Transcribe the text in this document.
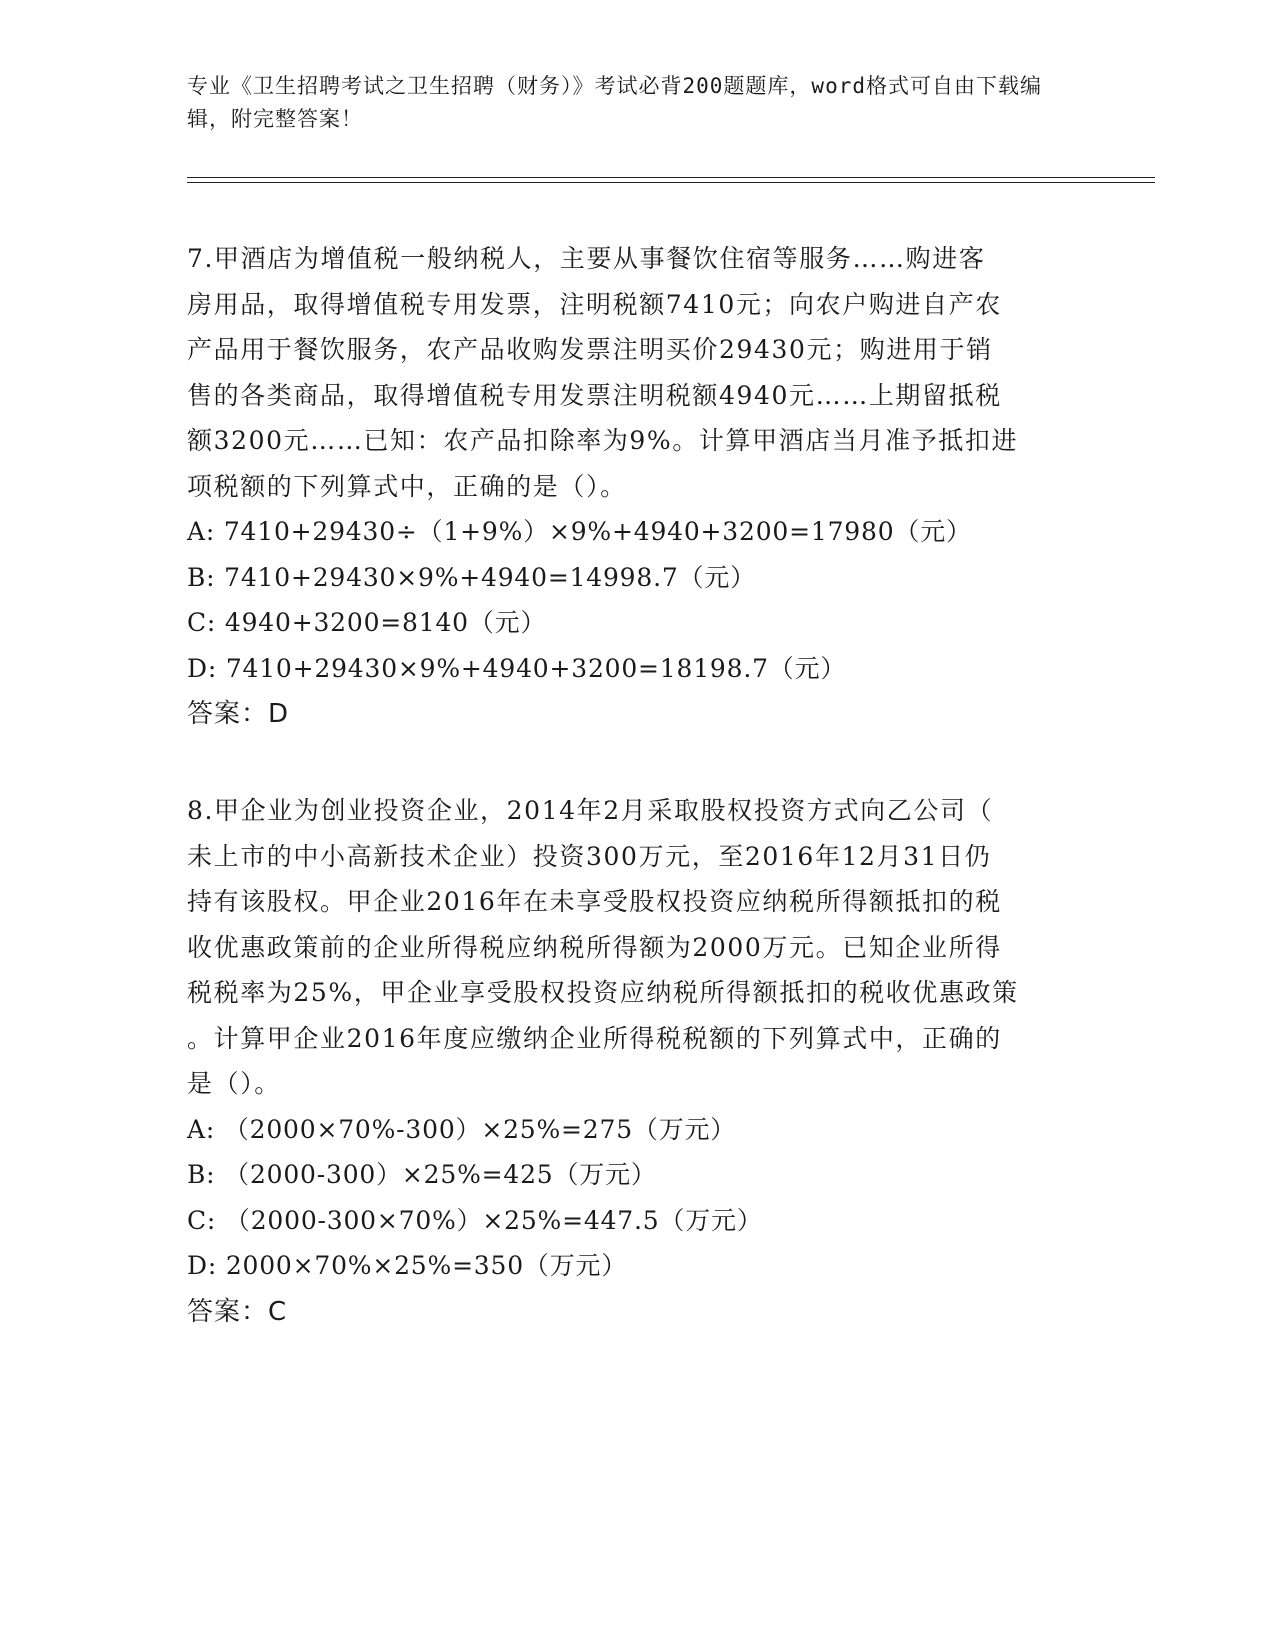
专业《卫生招聘考试之卫生招聘（财务）》考试必背200题题库，word格式可自由下载编辑，附完整答案！

7.甲酒店为增值税一般纳税人，主要从事餐饮住宿等服务……购进客

房用品，取得增值税专用发票，注明税额7410元；向农户购进自产农

产品用于餐饮服务，农产品收购发票注明买价29430元；购进用于销

售的各类商品，取得增值税专用发票注明税额4940元……上期留抵税

额3200元……已知：农产品扣除率为9%。计算甲酒店当月准予抵扣进

项税额的下列算式中，正确的是（）。

A: 7410+29430÷（1+9%）×9%+4940+3200=17980（元）

B: 7410+29430×9%+4940=14998.7（元）

C: 4940+3200=8140（元）

D: 7410+29430×9%+4940+3200=18198.7（元）

答案：D

8.甲企业为创业投资企业，2014年2月采取股权投资方式向乙公司（

未上市的中小高新技术企业）投资300万元，至2016年12月31日仍

持有该股权。甲企业2016年在未享受股权投资应纳税所得额抵扣的税

收优惠政策前的企业所得税应纳税所得额为2000万元。已知企业所得

税税率为25%，甲企业享受股权投资应纳税所得额抵扣的税收优惠政策

。计算甲企业2016年度应缴纳企业所得税税额的下列算式中，正确的

是（）。

A: （2000×70%-300）×25%=275（万元）

B: （2000-300）×25%=425（万元）

C: （2000-300×70%）×25%=447.5（万元）

D: 2000×70%×25%=350（万元）

答案：C
